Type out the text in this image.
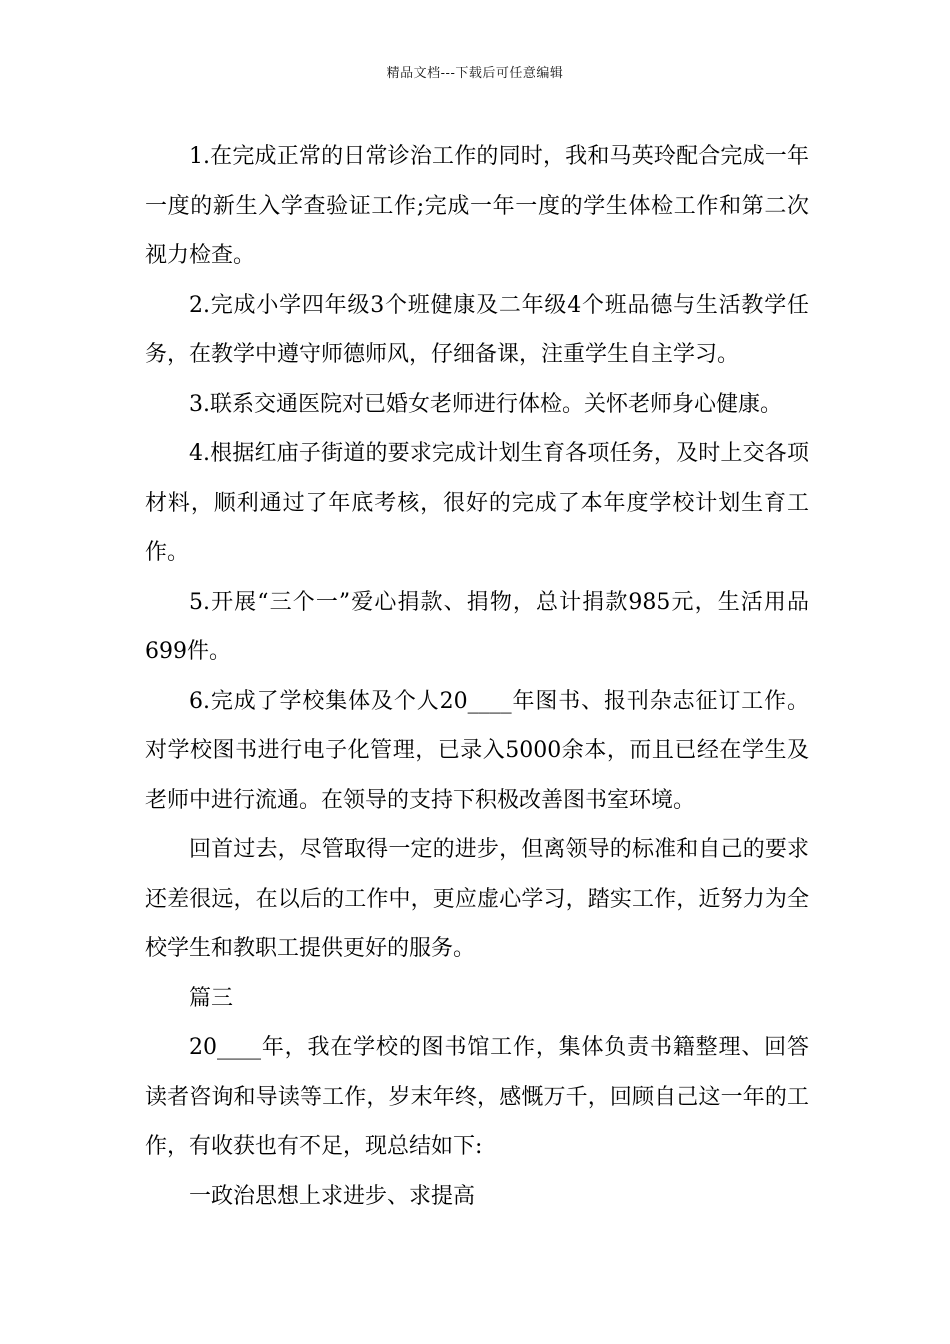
精品文档---下载后可任意编辑

1.在完成正常的日常诊治工作的同时，我和马英玲配合完成一年一度的新生入学查验证工作;完成一年一度的学生体检工作和第二次视力检查。

2.完成小学四年级3个班健康及二年级4个班品德与生活教学任务，在教学中遵守师德师风，仔细备课，注重学生自主学习。

3.联系交通医院对已婚女老师进行体检。关怀老师身心健康。

4.根据红庙子街道的要求完成计划生育各项任务，及时上交各项材料，顺利通过了年底考核，很好的完成了本年度学校计划生育工作。

5.开展“三个一”爱心捐款、捐物，总计捐款985元，生活用品699件。

6.完成了学校集体及个人20____年图书、报刊杂志征订工作。对学校图书进行电子化管理，已录入5000余本，而且已经在学生及老师中进行流通。在领导的支持下积极改善图书室环境。

回首过去，尽管取得一定的进步，但离领导的标准和自己的要求还差很远，在以后的工作中，更应虚心学习，踏实工作，近努力为全校学生和教职工提供更好的服务。

篇三

20____年，我在学校的图书馆工作，集体负责书籍整理、回答读者咨询和导读等工作，岁末年终，感慨万千，回顾自己这一年的工作，有收获也有不足，现总结如下:

一政治思想上求进步、求提高
